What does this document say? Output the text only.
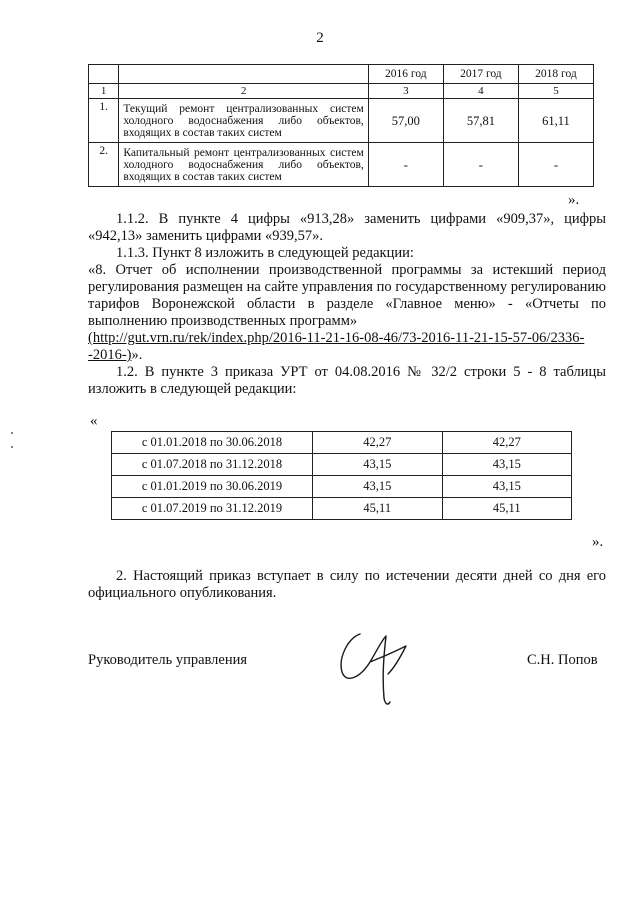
2
		2016 год	2017 год	2018 год
1	2	3	4	5
1.	Текущий ремонт централизованных систем холодного водоснабжения либо объектов, входящих в состав таких систем	57,00	57,81	61,11
2.	Капитальный ремонт централизованных систем холодного водоснабжения либо объектов, входящих в состав таких систем	-	-	-
».
1.1.2. В пункте 4 цифры «913,28» заменить цифрами «909,37», цифры «942,13» заменить цифрами «939,57».
1.1.3. Пункт 8 изложить в следующей редакции:
«8. Отчет об исполнении производственной программы за истекший период регулирования размещен на сайте управления по государственному регулированию тарифов Воронежской области в разделе «Главное меню» - «Отчеты по выполнению производственных программ»
(http://gut.vrn.ru/rek/index.php/2016-11-21-16-08-46/73-2016-11-21-15-57-06/2336-
-2016-)».
1.2. В пункте 3 приказа УРТ от 04.08.2016 № 32/2 строки 5 - 8 таблицы изложить в следующей редакции:
«
с 01.01.2018 по 30.06.2018	42,27	42,27
с 01.07.2018 по 31.12.2018	43,15	43,15
с 01.01.2019 по 30.06.2019	43,15	43,15
с 01.07.2019 по 31.12.2019	45,11	45,11
».
2. Настоящий приказ вступает в силу по истечении десяти дней со дня его официального опубликования.
Руководитель управления	С.Н. Попов
